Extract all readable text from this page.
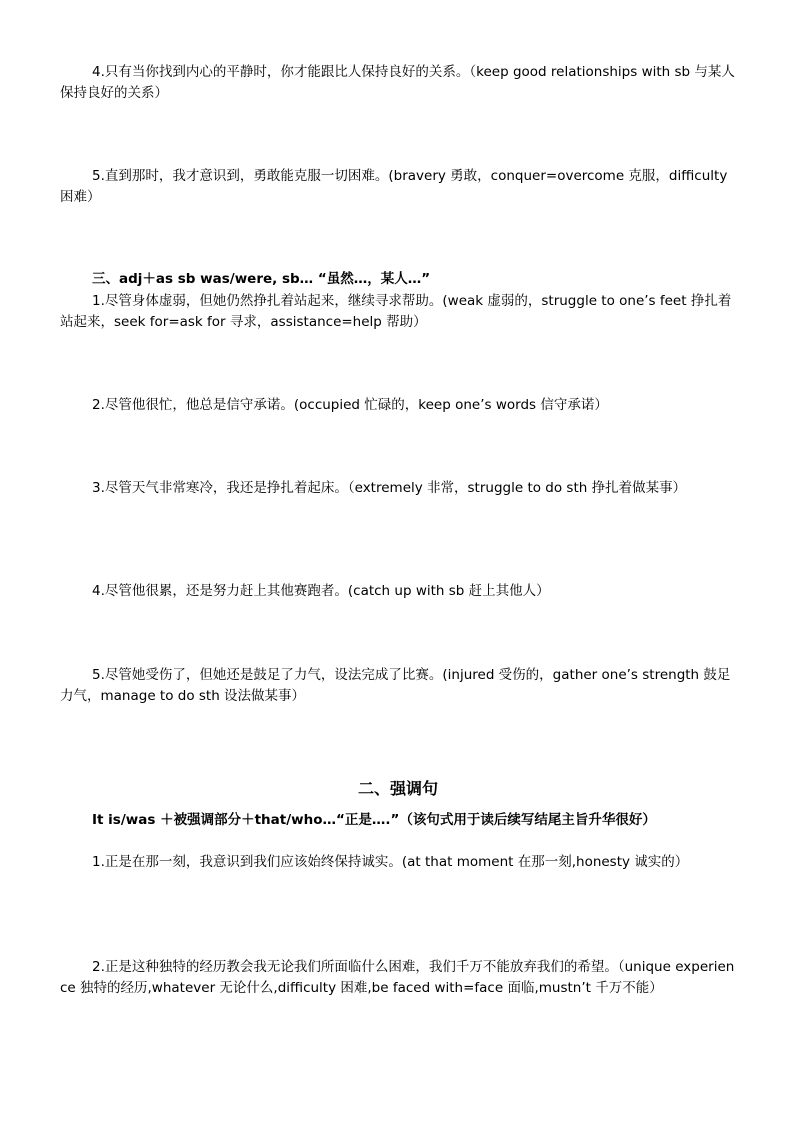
4.只有当你找到内心的平静时，你才能跟比人保持良好的关系。（keep good relationships with sb 与某人保持良好的关系）

5.直到那时，我才意识到，勇敢能克服一切困难。(bravery 勇敢，conquer=overcome 克服，difficulty 困难）

三、adj＋as sb was/were, sb… “虽然…，某人…”

1.尽管身体虚弱，但她仍然挣扎着站起来，继续寻求帮助。(weak 虚弱的，struggle to one’s feet 挣扎着站起来，seek for=ask for 寻求，assistance=help 帮助）

2.尽管他很忙，他总是信守承诺。(occupied 忙碌的，keep one’s words 信守承诺）

3.尽管天气非常寒冷，我还是挣扎着起床。（extremely 非常，struggle to do sth 挣扎着做某事）

4.尽管他很累，还是努力赶上其他赛跑者。(catch up with sb 赶上其他人）

5.尽管她受伤了，但她还是鼓足了力气，设法完成了比赛。(injured 受伤的，gather one’s strength 鼓足力气，manage to do sth 设法做某事）

二、强调句

It is/was ＋被强调部分＋that/who…“正是….”（该句式用于读后续写结尾主旨升华很好）

1.正是在那一刻，我意识到我们应该始终保持诚实。(at that moment 在那一刻,honesty 诚实的）

2.正是这种独特的经历教会我无论我们所面临什么困难，我们千万不能放弃我们的希望。（unique experience 独特的经历,whatever 无论什么,difficulty 困难,be faced with=face 面临,mustn’t 千万不能）
